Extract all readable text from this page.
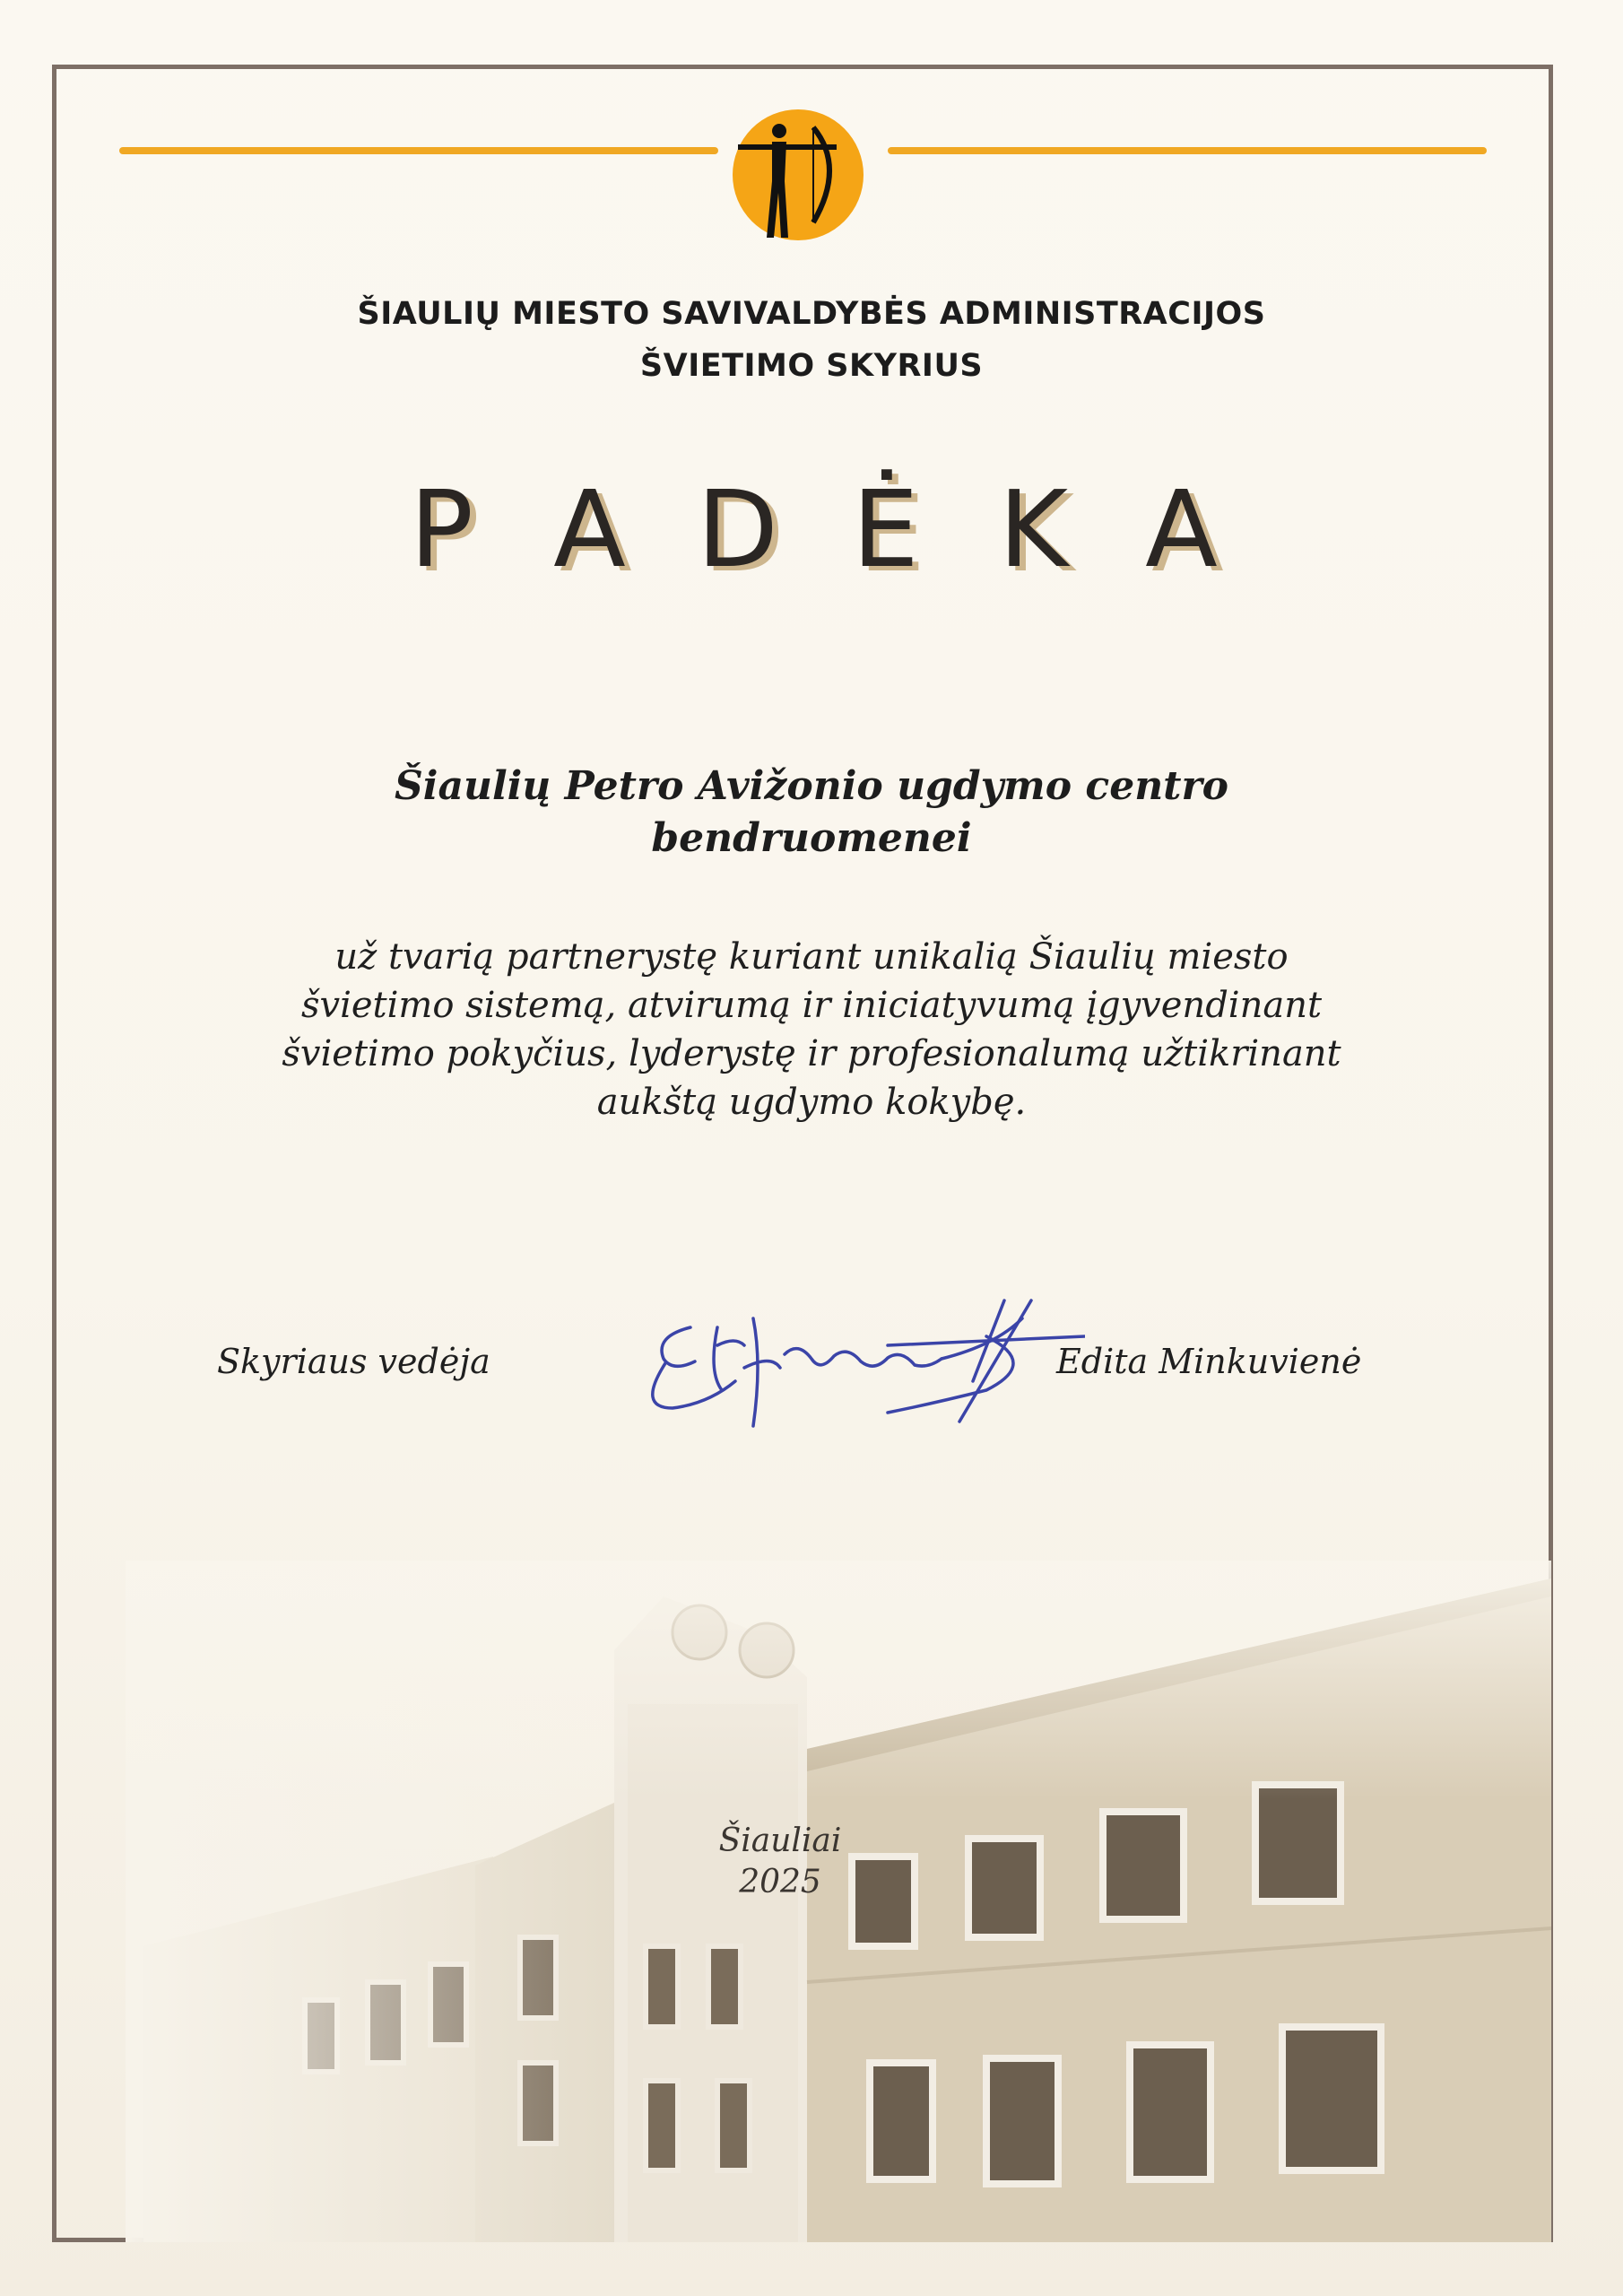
ŠIAULIŲ MIESTO SAVIVALDYBĖS ADMINISTRACIJOS
ŠVIETIMO SKYRIUS
P A D Ė K A
Šiaulių Petro Avižonio ugdymo centro
bendruomenei
už tvarią partnerystę kuriant unikalią Šiaulių miesto
švietimo sistemą, atvirumą ir iniciatyvumą įgyvendinant
švietimo pokyčius, lyderystę ir profesionalumą užtikrinant
aukštą ugdymo kokybę.
Skyriaus vedėja	Edita Minkuvienė
Šiauliai
2025
